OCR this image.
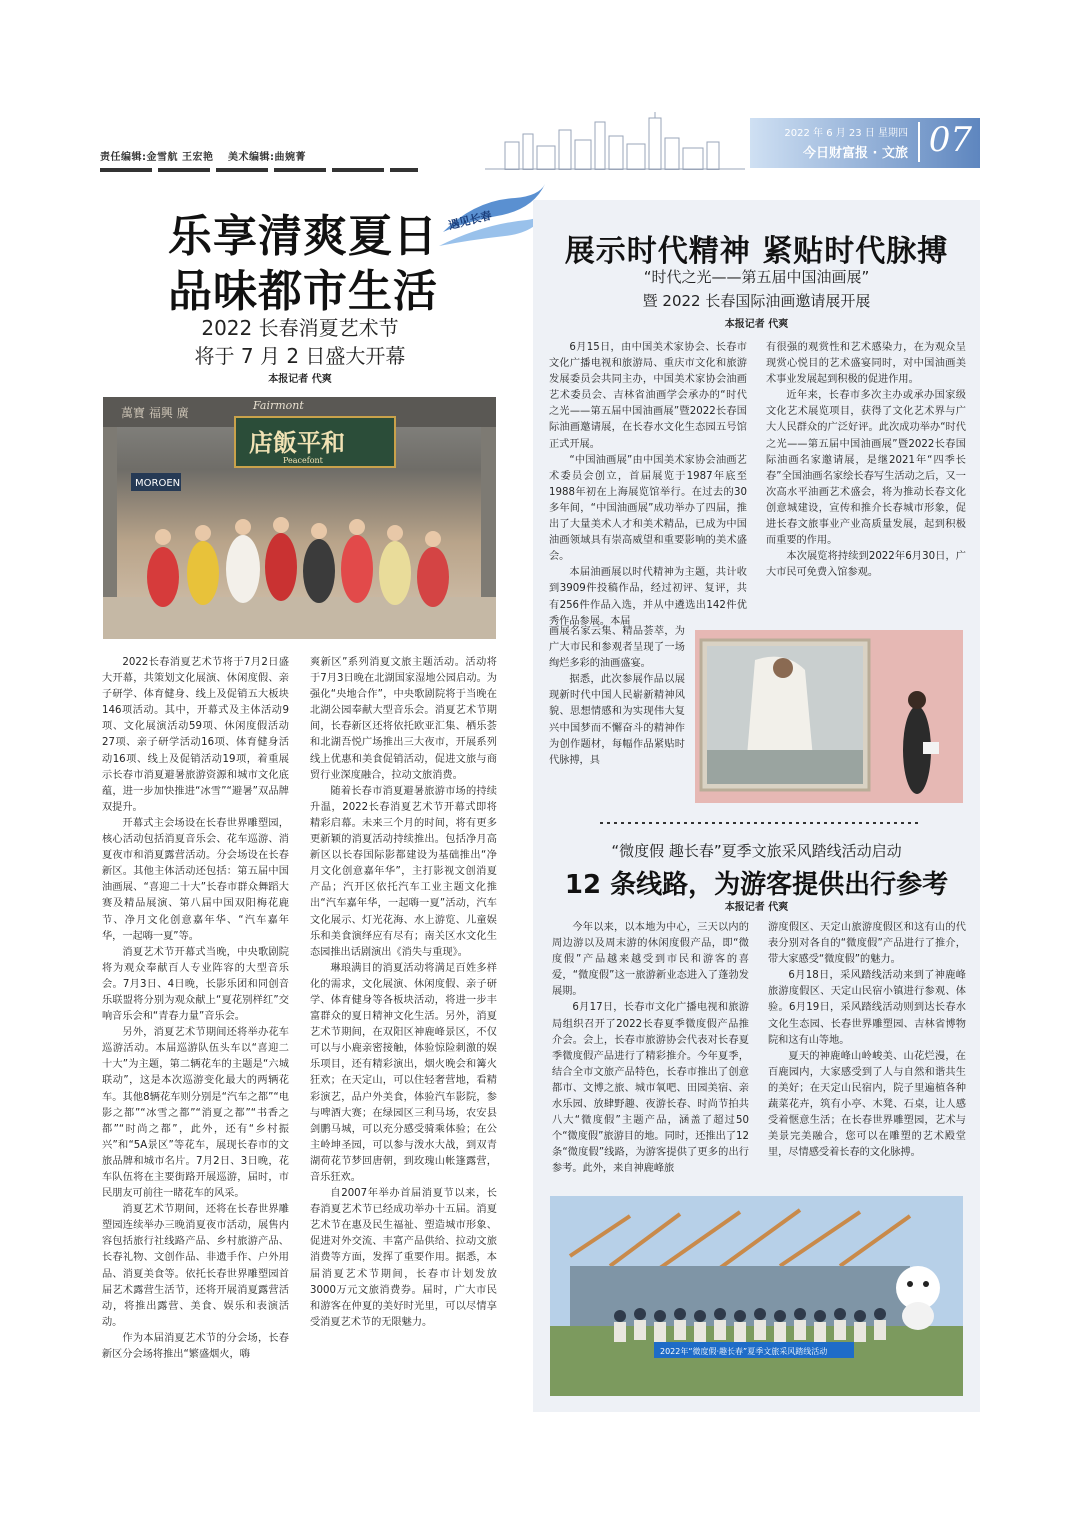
责任编辑:金雪航 王宏艳　 美术编辑:曲婉菁
2022 年 6 月 23 日 星期四
今日财富报 · 文旅 07
遇见长春
乐享清爽夏日
品味都市生活
2022 长春消夏艺术节
将于 7 月 2 日盛大开幕
本报记者 代爽
萬寶 福興 廣
Fairmont
店飯平和
Peacefont
MOROEN

2022长春消夏艺术节将于7月2日盛大开幕，共策划文化展演、休闲度假、亲子研学、体育健身、线上及促销五大板块146项活动。其中，开幕式及主体活动9项、文化展演活动59项、休闲度假活动27项、亲子研学活动16项、体育健身活动16项、线上及促销活动19项，着重展示长春市消夏避暑旅游资源和城市文化底蕴，进一步加快推进“冰雪”“避暑”双品牌双提升。

开幕式主会场设在长春世界雕塑园，核心活动包括消夏音乐会、花车巡游、消夏夜市和消夏露营活动。分会场设在长春新区。其他主体活动还包括：第五届中国油画展、“喜迎二十大”长春市群众舞蹈大赛及精品展演、第八届中国双阳梅花鹿节、净月文化创意嘉年华、“汽车嘉年华，一起嗨一夏”等。

消夏艺术节开幕式当晚，中央歌剧院将为观众奉献百人专业阵容的大型音乐会。7月3日、4日晚，长影乐团和同创音乐联盟将分别为观众献上“夏花别样红”交响音乐会和“青春力量”音乐会。

另外，消夏艺术节期间还将举办花车巡游活动。本届巡游队伍头车以“喜迎二十大”为主题，第二辆花车的主题是“六城联动”，这是本次巡游变化最大的两辆花车。其他8辆花车则分别是“汽车之都”“电影之都”“冰雪之都”“消夏之都”“书香之都”“时尚之都”，此外，还有“乡村振兴”和“5A景区”等花车，展现长春市的文旅品牌和城市名片。7月2日、3日晚，花车队伍将在主要街路开展巡游，届时，市民朋友可前往一睹花车的风采。

消夏艺术节期间，还将在长春世界雕塑园连续举办三晚消夏夜市活动，展售内容包括旅行社线路产品、乡村旅游产品、长春礼物、文创作品、非遗手作、户外用品、消夏美食等。依托长春世界雕塑园首届艺术露营生活节，还将开展消夏露营活动，将推出露营、美食、娱乐和表演活动。

作为本届消夏艺术节的分会场，长春新区分会场将推出“繁盛烟火，嗨

爽新区”系列消夏文旅主题活动。活动将于7月3日晚在北湖国家湿地公园启动。为强化“央地合作”，中央歌剧院将于当晚在北湖公园奉献大型音乐会。消夏艺术节期间，长春新区还将依托欧亚汇集、栖乐荟和北湖吾悦广场推出三大夜市，开展系列线上优惠和美食促销活动，促进文旅与商贸行业深度融合，拉动文旅消费。

随着长春市消夏避暑旅游市场的持续升温，2022长春消夏艺术节开幕式即将精彩启幕。未来三个月的时间，将有更多更新颖的消夏活动持续推出。包括净月高新区以长春国际影都建设为基础推出“净月文化创意嘉年华”，主打影视文创消夏产品；汽开区依托汽车工业主题文化推出“汽车嘉年华，一起嗨一夏”活动，汽车文化展示、灯光花海、水上游览、儿童娱乐和美食演绎应有尽有；南关区水文化生态园推出话剧演出《消失与重现》。

琳琅满目的消夏活动将满足百姓多样化的需求，文化展演、休闲度假、亲子研学、体育健身等各板块活动，将进一步丰富群众的夏日精神文化生活。另外，消夏艺术节期间，在双阳区神鹿峰景区，不仅可以与小鹿亲密接触，体验惊险刺激的娱乐项目，还有精彩演出，烟火晚会和篝火狂欢；在天定山，可以住轻奢营地，看精彩演艺，品户外美食，体验汽车影院，参与啤酒大赛；在绿园区三利马场，农安县剑鹏马城，可以充分感受骑乘体验；在公主岭坤圣园，可以参与泼水大战，到双青湖荷花节梦回唐朝，到玫瑰山帐篷露营，音乐狂欢。

自2007年举办首届消夏节以来，长春消夏艺术节已经成功举办十五届。消夏艺术节在惠及民生福祉、塑造城市形象、促进对外交流、丰富产品供给、拉动文旅消费等方面，发挥了重要作用。据悉，本届消夏艺术节期间，长春市计划发放3000万元文旅消费券。届时，广大市民和游客在仲夏的美好时光里，可以尽情享受消夏艺术节的无限魅力。

展示时代精神 紧贴时代脉搏
“时代之光——第五届中国油画展”
暨 2022 长春国际油画邀请展开展
本报记者 代爽

6月15日，由中国美术家协会、长春市文化广播电视和旅游局、重庆市文化和旅游发展委员会共同主办，中国美术家协会油画艺术委员会、吉林省油画学会承办的“时代之光——第五届中国油画展”暨2022长春国际油画邀请展，在长春水文化生态园五号馆正式开展。

“中国油画展”由中国美术家协会油画艺术委员会创立，首届展览于1987年底至1988年初在上海展览馆举行。在过去的30多年间，“中国油画展”成功举办了四届，推出了大量美术人才和美术精品，已成为中国油画领域具有崇高威望和重要影响的美术盛会。

本届油画展以时代精神为主题，共计收到3909件投稿作品，经过初评、复评，共有256件作品入选，并从中遴选出142件优秀作品参展。本届

画展名家云集、精品荟萃，为广大市民和参观者呈现了一场绚烂多彩的油画盛宴。

据悉，此次参展作品以展现新时代中国人民崭新精神风貌、思想情感和为实现伟大复兴中国梦而不懈奋斗的精神作为创作题材，每幅作品紧贴时代脉搏，具

有很强的观赏性和艺术感染力，在为观众呈现赏心悦目的艺术盛宴同时，对中国油画美术事业发展起到积极的促进作用。

近年来，长春市多次主办或承办国家级文化艺术展览项目，获得了文化艺术界与广大人民群众的广泛好评。此次成功举办“时代之光——第五届中国油画展”暨2022长春国际油画名家邀请展，是继2021年“四季长春”全国油画名家绘长春写生活动之后，又一次高水平油画艺术盛会，将为推动长春文化创意城建设，宣传和推介长春城市形象，促进长春文旅事业产业高质量发展，起到积极而重要的作用。

本次展览将持续到2022年6月30日，广大市民可免费入馆参观。

“微度假 趣长春”夏季文旅采风踏线活动启动
12 条线路，为游客提供出行参考
本报记者 代爽

今年以来，以本地为中心，三天以内的周边游以及周末游的休闲度假产品，即“微度假”产品越来越受到市民和游客的喜爱，“微度假”这一旅游新业态进入了蓬勃发展期。

6月17日，长春市文化广播电视和旅游局组织召开了2022长春夏季微度假产品推介会。会上，长春市旅游协会代表对长春夏季微度假产品进行了精彩推介。今年夏季，结合全市文旅产品特色，长春市推出了创意都市、文博之旅、城市氧吧、田园美宿、亲水乐园、放肆野趣、夜游长春、时尚节拍共八大“微度假”主题产品，涵盖了超过50个“微度假”旅游目的地。同时，还推出了12条“微度假”线路，为游客提供了更多的出行参考。此外，来自神鹿峰旅

游度假区、天定山旅游度假区和这有山的代表分别对各自的“微度假”产品进行了推介，带大家感受“微度假”的魅力。

6月18日，采风踏线活动来到了神鹿峰旅游度假区、天定山民宿小镇进行参观、体验。6月19日，采风踏线活动则到达长春水文化生态园、长春世界雕塑园、吉林省博物院和这有山等地。

夏天的神鹿峰山岭峻美、山花烂漫，在百鹿园内，大家感受到了人与自然和谐共生的美好；在天定山民宿内，院子里遍植各种蔬菜花卉，筑有小亭、木凳、石桌，让人感受着惬意生活；在长春世界雕塑园，艺术与美景完美融合，您可以在雕塑的艺术殿堂里，尽情感受着长春的文化脉搏。

2022年“微度假·趣长春”夏季文旅采风踏线活动
